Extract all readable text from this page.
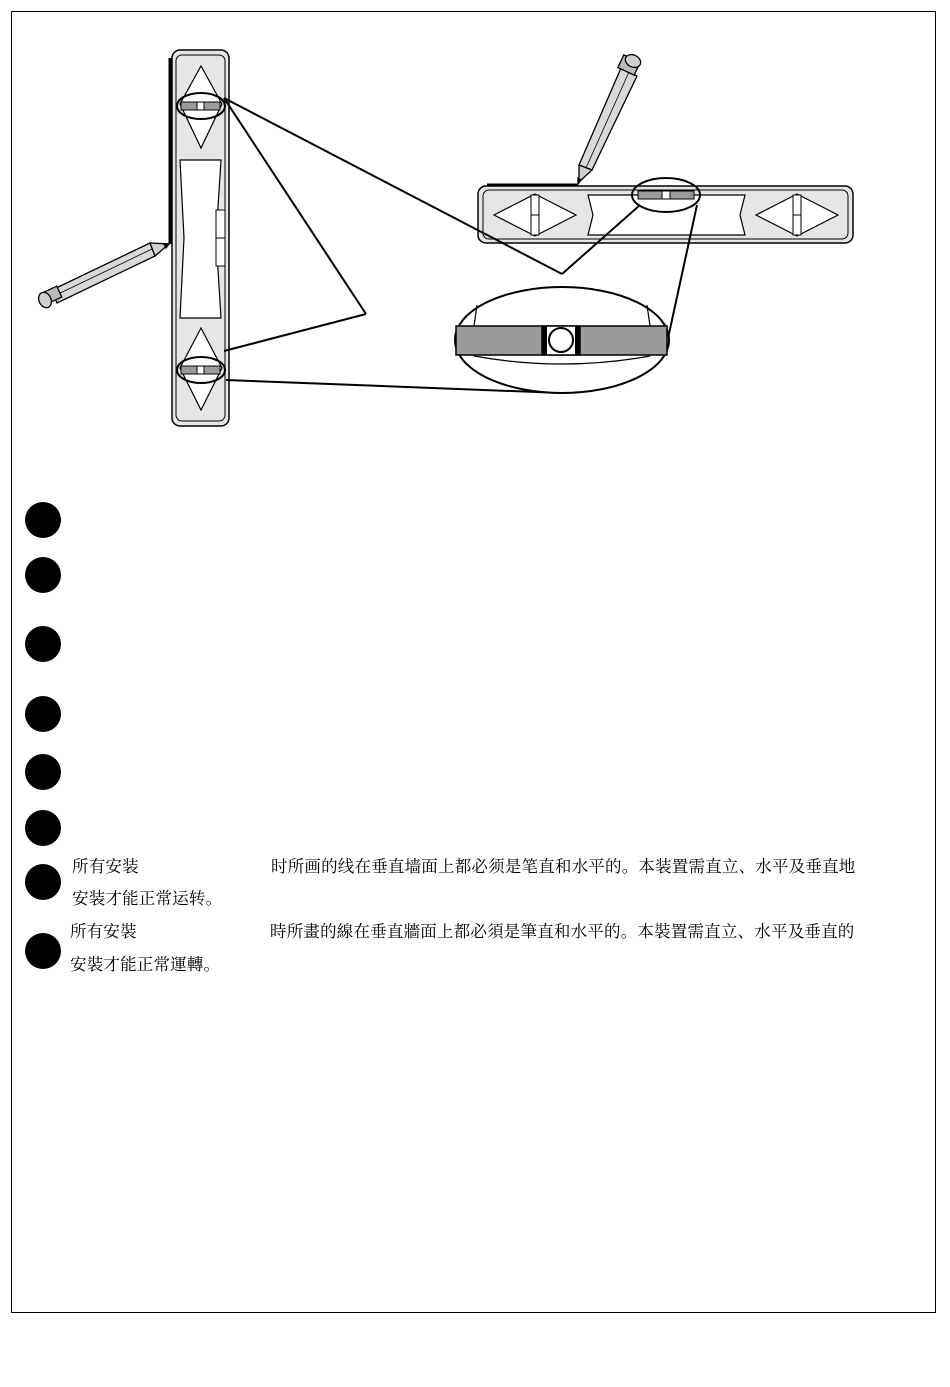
所有安装	时所画的线在垂直墙面上都必须是笔直和水平的。本装置需直立、水平及垂直地
安装才能正常运转。
所有安裝	時所畫的線在垂直牆面上都必須是筆直和水平的。本裝置需直立、水平及垂直的
安裝才能正常運轉。
